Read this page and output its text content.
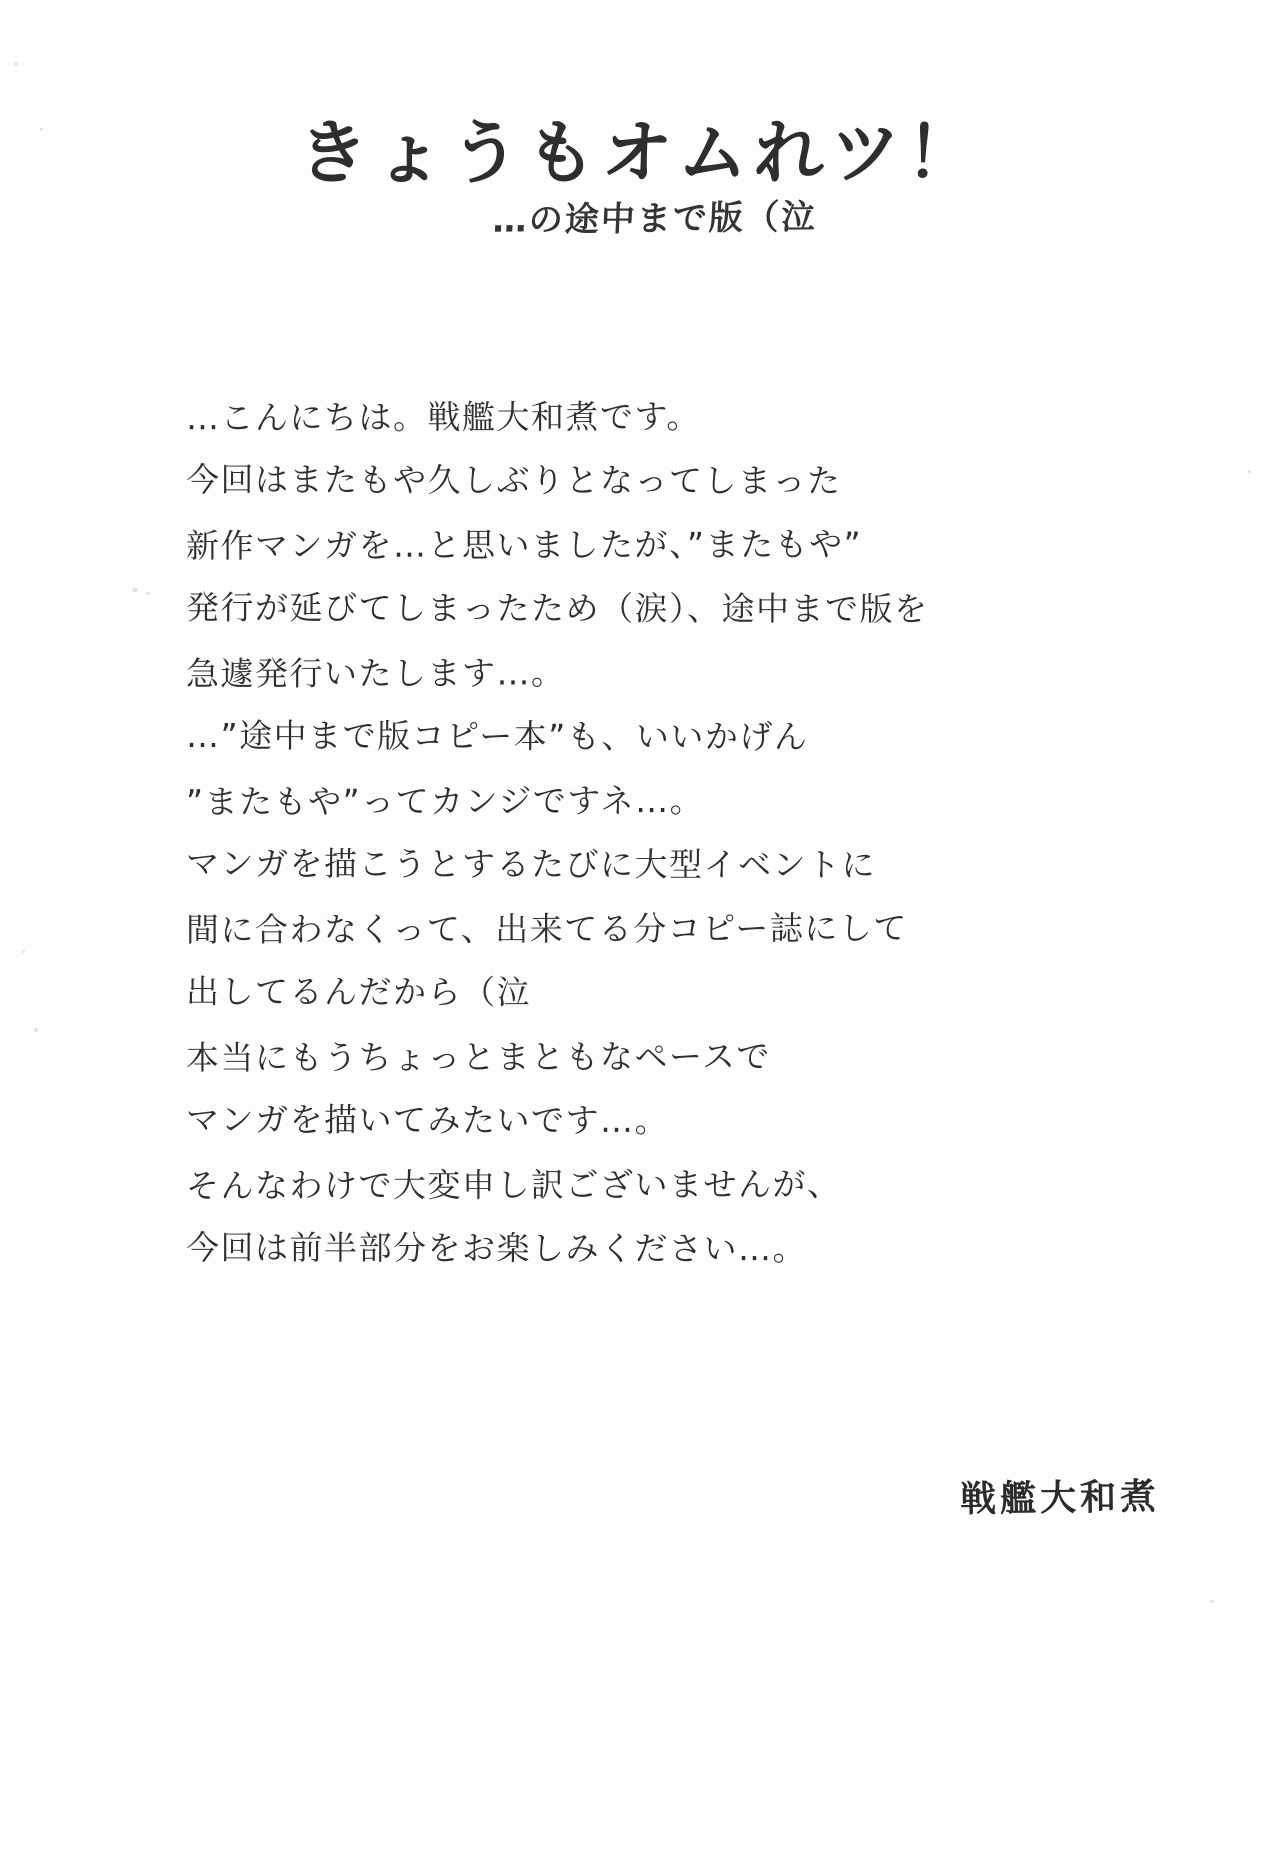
きょうもオムれツ！
…の途中まで版（泣
…こんにちは。戦艦大和煮です。
今回はまたもや久しぶりとなってしまった
新作マンガを…と思いましたが、”またもや”
発行が延びてしまったため（涙）、途中まで版を
急遽発行いたします…。
…”途中まで版コピー本”も、いいかげん
”またもや”ってカンジですネ…。
マンガを描こうとするたびに大型イベントに
間に合わなくって、出来てる分コピー誌にして
出してるんだから（泣
本当にもうちょっとまともなペースで
マンガを描いてみたいです…。
そんなわけで大変申し訳ございませんが、
今回は前半部分をお楽しみください…。
戦艦大和煮
